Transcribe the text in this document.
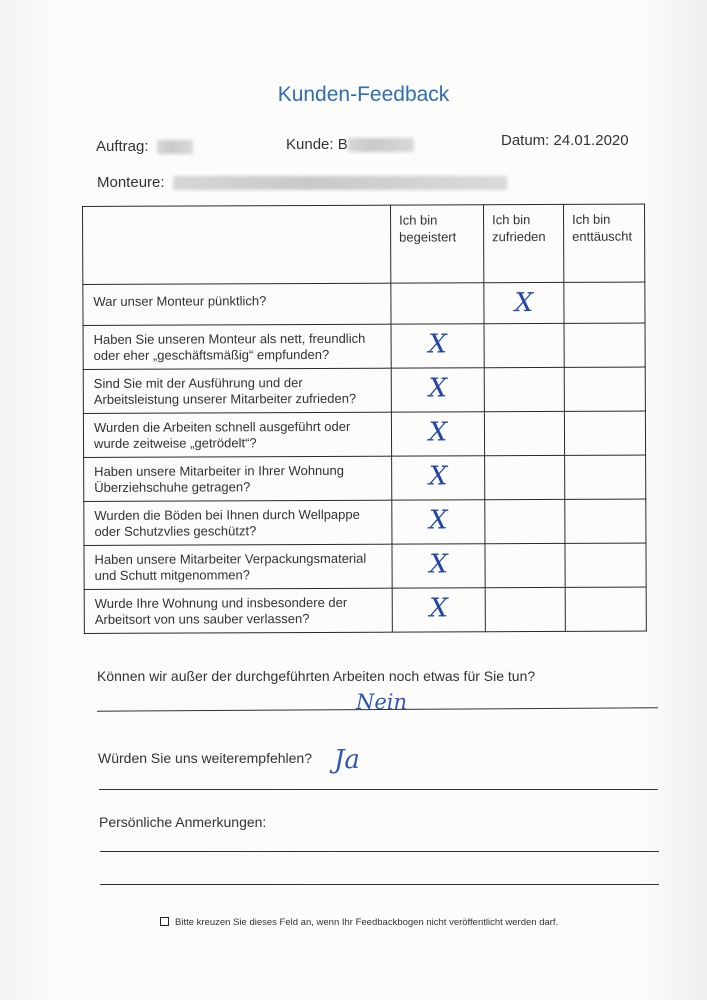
Kunden-Feedback
Auftrag:	Kunde: B	Datum: 24.01.2020
Monteure:
	Ich bin begeistert	Ich bin zufrieden	Ich bin enttäuscht
War unser Monteur pünktlich?		X	

Haben Sie unseren Monteur als nett, freundlich oder eher „geschäftsmäßig“ empfunden?	X		

Sind Sie mit der Ausführung und der Arbeitsleistung unserer Mitarbeiter zufrieden?	X		

Wurden die Arbeiten schnell ausgeführt oder wurde zeitweise „getrödelt“?	X		

Haben unsere Mitarbeiter in Ihrer Wohnung Überziehschuhe getragen?	X		

Wurden die Böden bei Ihnen durch Wellpappe oder Schutzvlies geschützt?	X		

Haben unsere Mitarbeiter Verpackungsmaterial und Schutt mitgenommen?	X		

Wurde Ihre Wohnung und insbesondere der Arbeitsort von uns sauber verlassen?	X		

Können wir außer der durchgeführten Arbeiten noch etwas für Sie tun?
Nein
Würden Sie uns weiterempfehlen? Ja
Persönliche Anmerkungen:
Bitte kreuzen Sie dieses Feld an, wenn Ihr Feedbackbogen nicht veröffentlicht werden darf.
